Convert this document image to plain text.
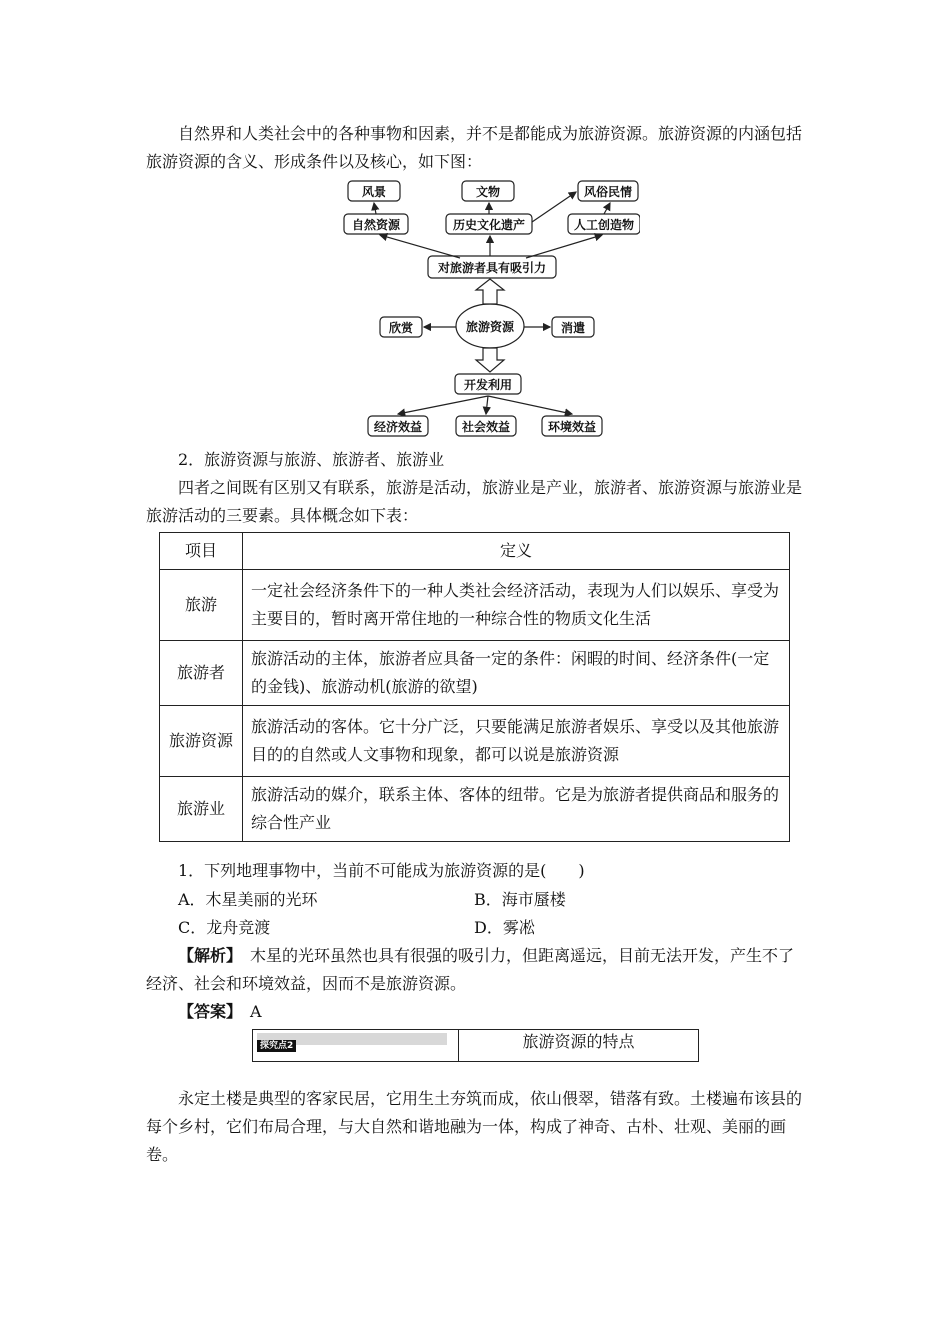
自然界和人类社会中的各种事物和因素，并不是都能成为旅游资源。旅游资源的内涵包括旅游资源的含义、形成条件以及核心，如下图：

风景	文物	风俗民情
自然资源	历史文化遗产	人工创造物
对旅游者具有吸引力
旅游资源
欣赏	消遣
开发利用
经济效益	社会效益	环境效益

2．旅游资源与旅游、旅游者、旅游业

四者之间既有区别又有联系，旅游是活动，旅游业是产业，旅游者、旅游资源与旅游业是旅游活动的三要素。具体概念如下表：

项目	定义
旅游	一定社会经济条件下的一种人类社会经济活动，表现为人们以娱乐、享受为主要目的，暂时离开常住地的一种综合性的物质文化生活
旅游者	旅游活动的主体，旅游者应具备一定的条件：闲暇的时间、经济条件(一定的金钱)、旅游动机(旅游的欲望)
旅游资源	旅游活动的客体。它十分广泛，只要能满足旅游者娱乐、享受以及其他旅游目的的自然或人文事物和现象，都可以说是旅游资源
旅游业	旅游活动的媒介，联系主体、客体的纽带。它是为旅游者提供商品和服务的综合性产业
1．下列地理事物中，当前不可能成为旅游资源的是(　　)
A．木星美丽的光环	B．海市蜃楼
C．龙舟竞渡	D．雾凇

【解析】　 木星的光环虽然也具有很强的吸引力，但距离遥远，目前无法开发，产生不了经济、社会和环境效益，因而不是旅游资源。

【答案】　 A
探究点2	旅游资源的特点

永定土楼是典型的客家民居，它用生土夯筑而成，依山偎翠，错落有致。土楼遍布该县的每个乡村，它们布局合理，与大自然和谐地融为一体，构成了神奇、古朴、壮观、美丽的画卷。
